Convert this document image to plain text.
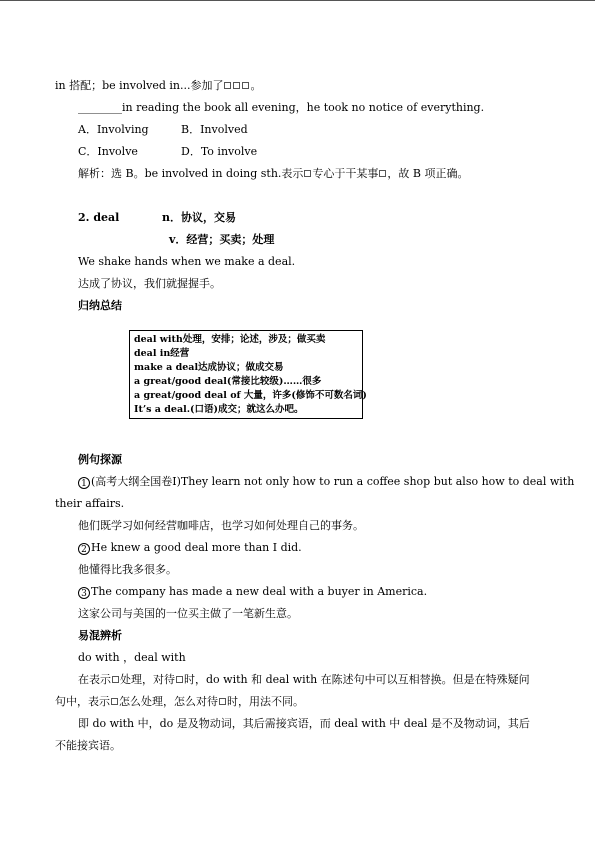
in 搭配；be involved in...参加了 。
________in reading the book all evening，he took no notice of everything.
A．Involving	B．Involved
C．Involve	D．To involve
解析：选 B。be involved in doing sth.表示 专心于干某事 ，故 B 项正确。
2. deal	n．协议，交易
v．经营；买卖；处理
We shake hands when we make a deal.
达成了协议，我们就握握手。
归纳总结
deal with处理，安排；论述，涉及；做买卖
deal in经营
make a deal达成协议；做成交易
a great/good deal(常接比较级)……很多
a great/good deal of 大量，许多(修饰不可数名词)
It’s a deal.(口语)成交；就这么办吧。
例句探源
1 (高考大纲全国卷Ⅰ)They learn not only how to run a coffee shop but also how to deal with
their affairs.
他们既学习如何经营咖啡店，也学习如何处理自己的事务。
2 He knew a good deal more than I did.
他懂得比我多很多。
3 The company has made a new deal with a buyer in America.
这家公司与美国的一位买主做了一笔新生意。
易混辨析
do with ，deal with
在表示 处理，对待 时，do with 和 deal with 在陈述句中可以互相替换。但是在特殊疑问
句中，表示 怎么处理，怎么对待 时，用法不同。
即 do with 中，do 是及物动词，其后需接宾语，而 deal with 中 deal 是不及物动词，其后
不能接宾语。
